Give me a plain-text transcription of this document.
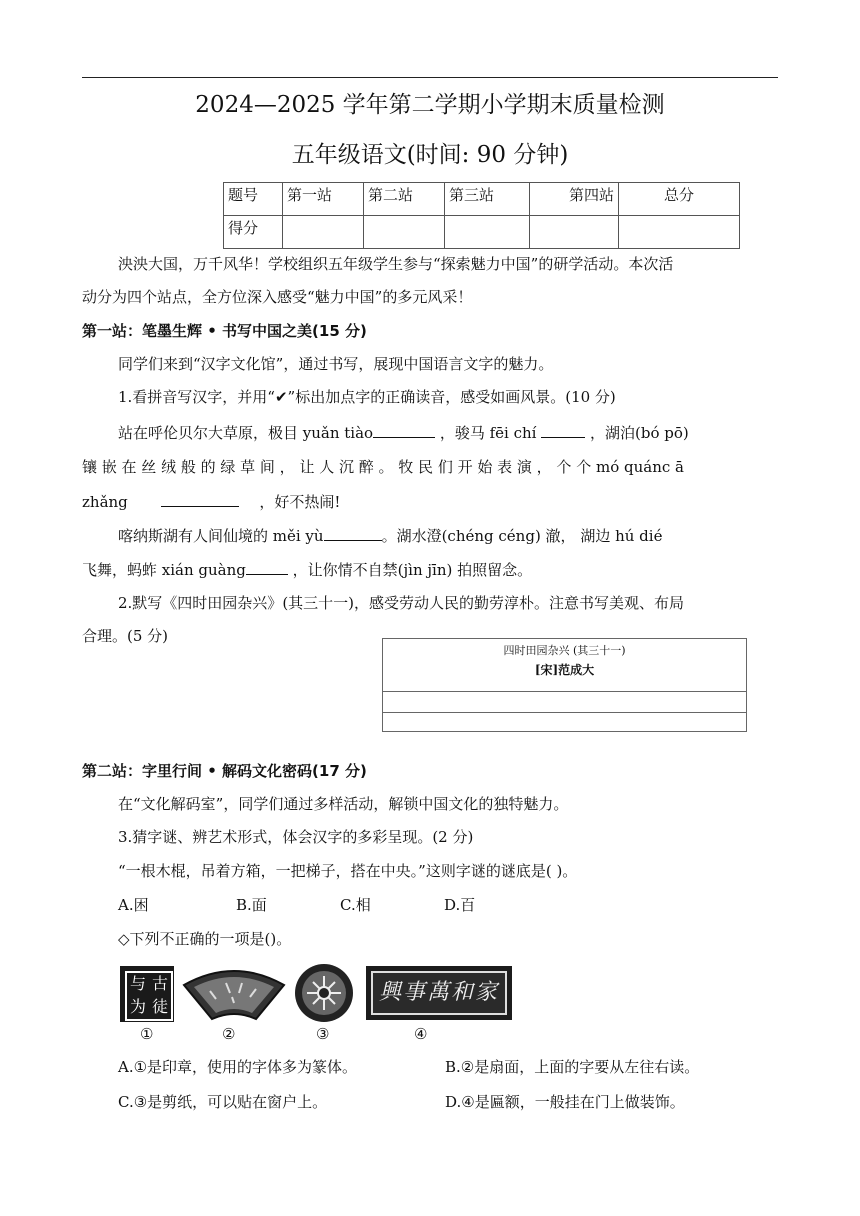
2024—2025 学年第二学期小学期末质量检测
五年级语文(时间: 90 分钟)
题号	第一站	第二站	第三站	第四站	总分
得分					
泱泱大国，万千风华！学校组织五年级学生参与“探索魅力中国”的研学活动。本次活
动分为四个站点，全方位深入感受“魅力中国”的多元风采！
第一站：笔墨生辉 • 书写中国之美(15 分)
同学们来到“汉字文化馆”，通过书写，展现中国语言文字的魅力。
1.看拼音写汉字，并用“✔”标出加点字的正确读音，感受如画风景。(10 分)
站在呼伦贝尔大草原，极目 yuǎn tiào	，骏马 fēi chí	，湖泊(bó pō)
镶 嵌 在 丝 绒 般 的 绿 草 间 ， 让 人 沉 醉 。 牧 民 们 开 始 表 演 ， 个 个 mó quánc ā
zhǎng	，好不热闹!
喀纳斯湖有人间仙境的 měi yù	。湖水澄(chéng céng) 澈， 湖边 hú dié
飞舞，蚂蚱 xián guàng	，让你情不自禁(jìn jīn) 拍照留念。
2.默写《四时田园杂兴》(其三十一)，感受劳动人民的勤劳淳朴。注意书写美观、布局
合理。(5 分)
四时田园杂兴 (其三十一)
[宋]范成大
第二站：字里行间 • 解码文化密码(17 分)
在“文化解码室”，同学们通过多样活动，解锁中国文化的独特魅力。
3.猜字谜、辨艺术形式，体会汉字的多彩呈现。(2 分)
“一根木棍，吊着方箱，一把梯子，搭在中央。”这则字谜的谜底是( )。
A.困	B.面	C.相	D.百
◇下列不正确的一项是()。
与 古
为 徒
①	②	③
興事萬和家
④
A.①是印章，使用的字体多为篆体。	B.②是扇面，上面的字要从左往右读。
C.③是剪纸，可以贴在窗户上。	D.④是匾额，一般挂在门上做装饰。
